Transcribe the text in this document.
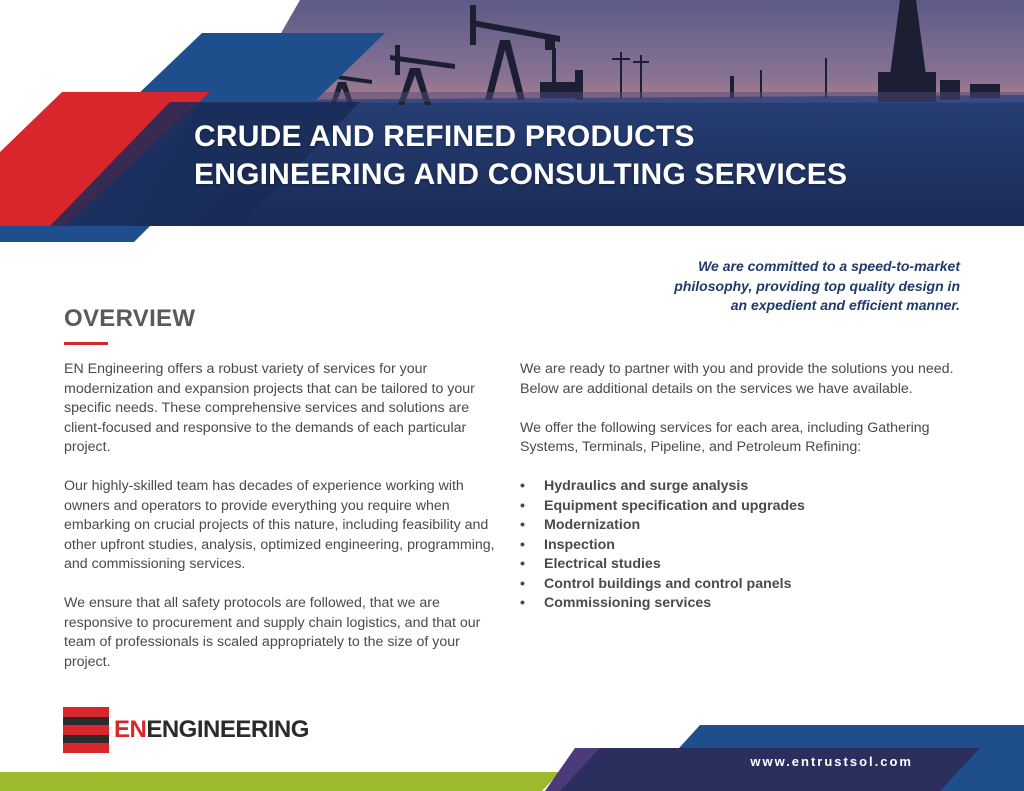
CRUDE AND REFINED PRODUCTS
ENGINEERING AND CONSULTING SERVICES
We are committed to a speed-to-market
philosophy, providing top quality design in
an expedient and efficient manner.
OVERVIEW

EN Engineering offers a robust variety of services for your modernization and expansion projects that can be tailored to your specific needs. These comprehensive services and solutions are client-focused and responsive to the demands of each particular project.

Our highly-skilled team has decades of experience working with owners and operators to provide everything you require when embarking on crucial projects of this nature, including feasibility and other upfront studies, analysis, optimized engineering, programming, and commissioning services.

We ensure that all safety protocols are followed, that we are responsive to procurement and supply chain logistics, and that our team of professionals is scaled appropriately to the size of your project.

We are ready to partner with you and provide the solutions you need. Below are additional details on the services we have available.

We offer the following services for each area, including Gathering Systems, Terminals, Pipeline, and Petroleum Refining:

• Hydraulics and surge analysis
• Equipment specification and upgrades
• Modernization
• Inspection
• Electrical studies
• Control buildings and control panels
• Commissioning services
ENENGINEERING
www.entrustsol.com
